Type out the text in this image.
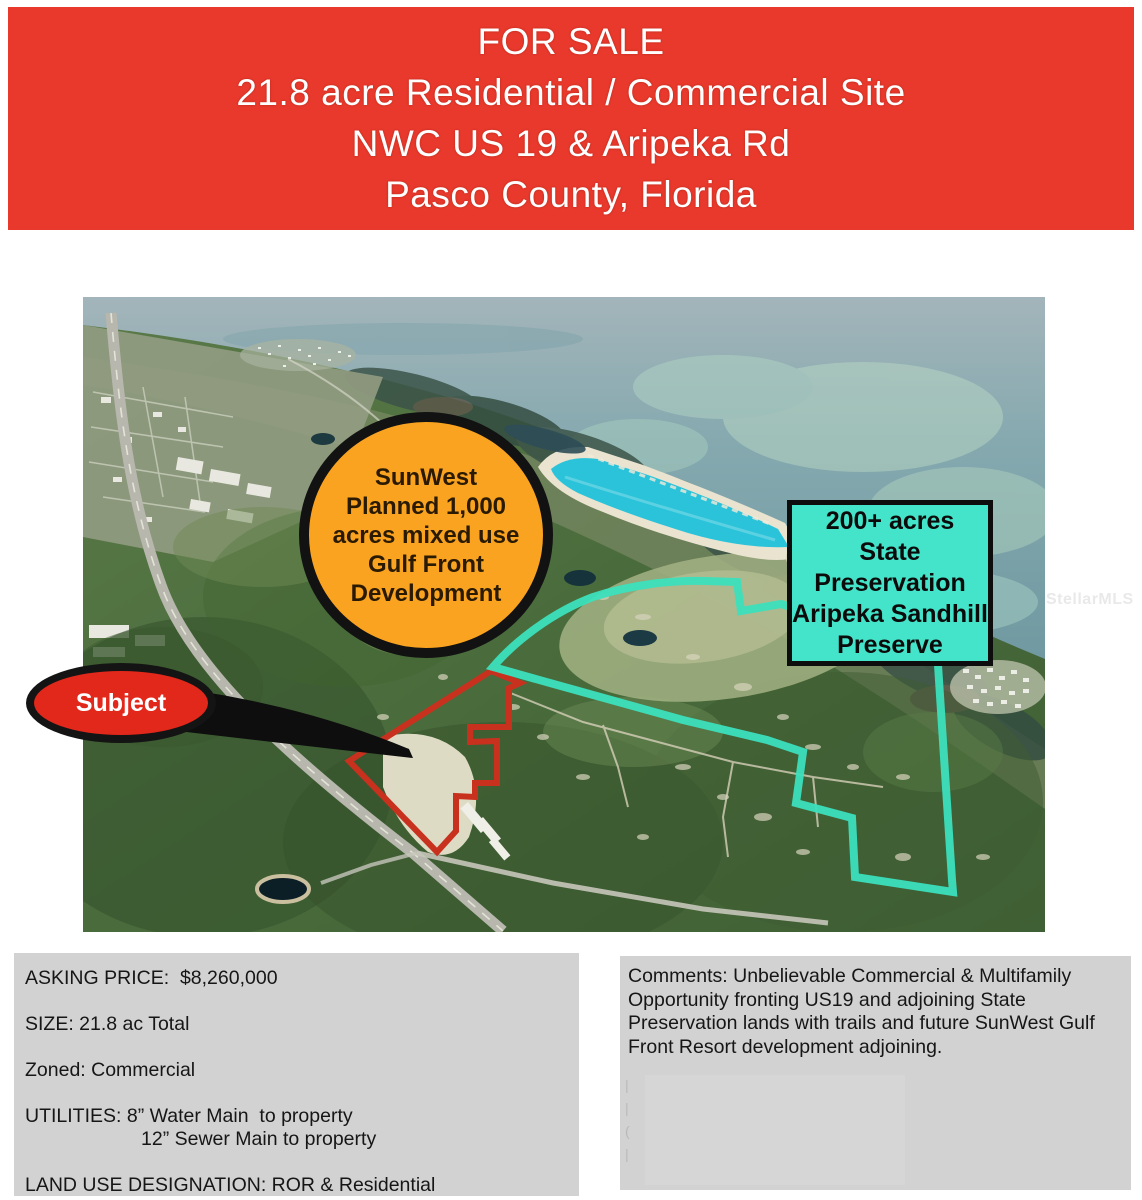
FOR SALE
21.8 acre Residential / Commercial Site
NWC US 19 & Aripeka Rd
Pasco County, Florida
SunWest
Planned 1,000
acres mixed use
Gulf Front
Development
200+ acres
State
Preservation
Aripeka Sandhill
Preserve
Subject
StellarMLS

ASKING PRICE:  $8,260,000

SIZE: 21.8 ac Total

Zoned: Commercial

UTILITIES: 8” Water Main  to property

12” Sewer Main to property

LAND USE DESIGNATION: ROR & Residential

Comments: Unbelievable Commercial & Multifamily Opportunity fronting US19 and adjoining State Preservation lands with trails and future SunWest Gulf Front Resort development adjoining.
|
|
(
|
